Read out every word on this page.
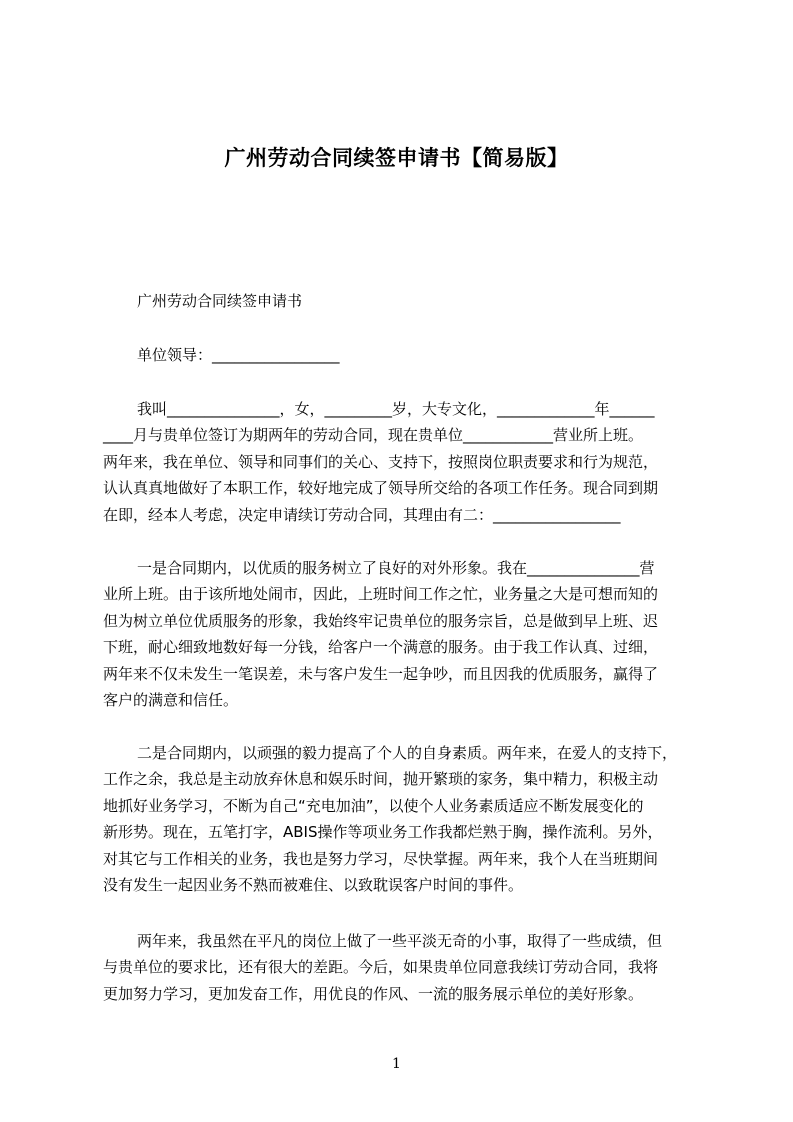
广州劳动合同续签申请书【简易版】
广州劳动合同续签申请书
单位领导：_________________
我叫_______________，女，_________岁，大专文化，_____________年______
____月与贵单位签订为期两年的劳动合同，现在贵单位____________营业所上班。
两年来，我在单位、领导和同事们的关心、支持下，按照岗位职责要求和行为规范，
认认真真地做好了本职工作，较好地完成了领导所交给的各项工作任务。现合同到期
在即，经本人考虑，决定申请续订劳动合同，其理由有二：_________________
一是合同期内，以优质的服务树立了良好的对外形象。我在_______________营
业所上班。由于该所地处闹市，因此，上班时间工作之忙，业务量之大是可想而知的
但为树立单位优质服务的形象，我始终牢记贵单位的服务宗旨，总是做到早上班、迟
下班，耐心细致地数好每一分钱，给客户一个满意的服务。由于我工作认真、过细，
两年来不仅未发生一笔误差，未与客户发生一起争吵，而且因我的优质服务，赢得了
客户的满意和信任。
二是合同期内，以顽强的毅力提高了个人的自身素质。两年来，在爱人的支持下，
工作之余，我总是主动放弃休息和娱乐时间，抛开繁琐的家务，集中精力，积极主动
地抓好业务学习，不断为自己“充电加油”，以使个人业务素质适应不断发展变化的
新形势。现在，五笔打字，ABIS操作等项业务工作我都烂熟于胸，操作流利。另外，
对其它与工作相关的业务，我也是努力学习，尽快掌握。两年来，我个人在当班期间
没有发生一起因业务不熟而被难住、以致耽误客户时间的事件。
两年来，我虽然在平凡的岗位上做了一些平淡无奇的小事，取得了一些成绩，但
与贵单位的要求比，还有很大的差距。今后，如果贵单位同意我续订劳动合同，我将
更加努力学习，更加发奋工作，用优良的作风、一流的服务展示单位的美好形象。
1
